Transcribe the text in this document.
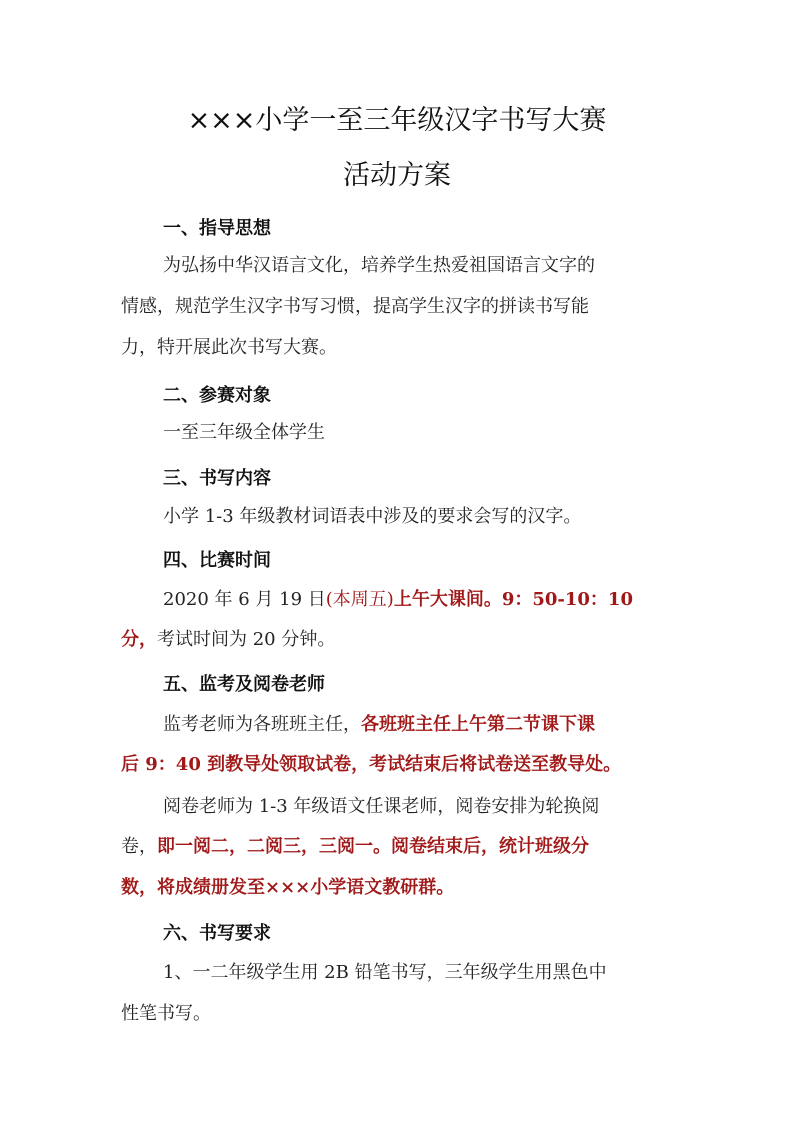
×××小学一至三年级汉字书写大赛
活动方案
一、指导思想
为弘扬中华汉语言文化，培养学生热爱祖国语言文字的
情感，规范学生汉字书写习惯，提高学生汉字的拼读书写能
力，特开展此次书写大赛。
二、参赛对象
一至三年级全体学生
三、书写内容
小学 1-3 年级教材词语表中涉及的要求会写的汉字。
四、比赛时间
2020 年 6 月 19 日(本周五)上午大课间。9：50-10：10
分，考试时间为 20 分钟。
五、监考及阅卷老师
监考老师为各班班主任，各班班主任上午第二节课下课
后 9：40 到教导处领取试卷，考试结束后将试卷送至教导处。
阅卷老师为 1-3 年级语文任课老师，阅卷安排为轮换阅
卷，即一阅二，二阅三，三阅一。阅卷结束后，统计班级分
数，将成绩册发至×××小学语文教研群。
六、书写要求
1、一二年级学生用 2B 铅笔书写，三年级学生用黑色中
性笔书写。
